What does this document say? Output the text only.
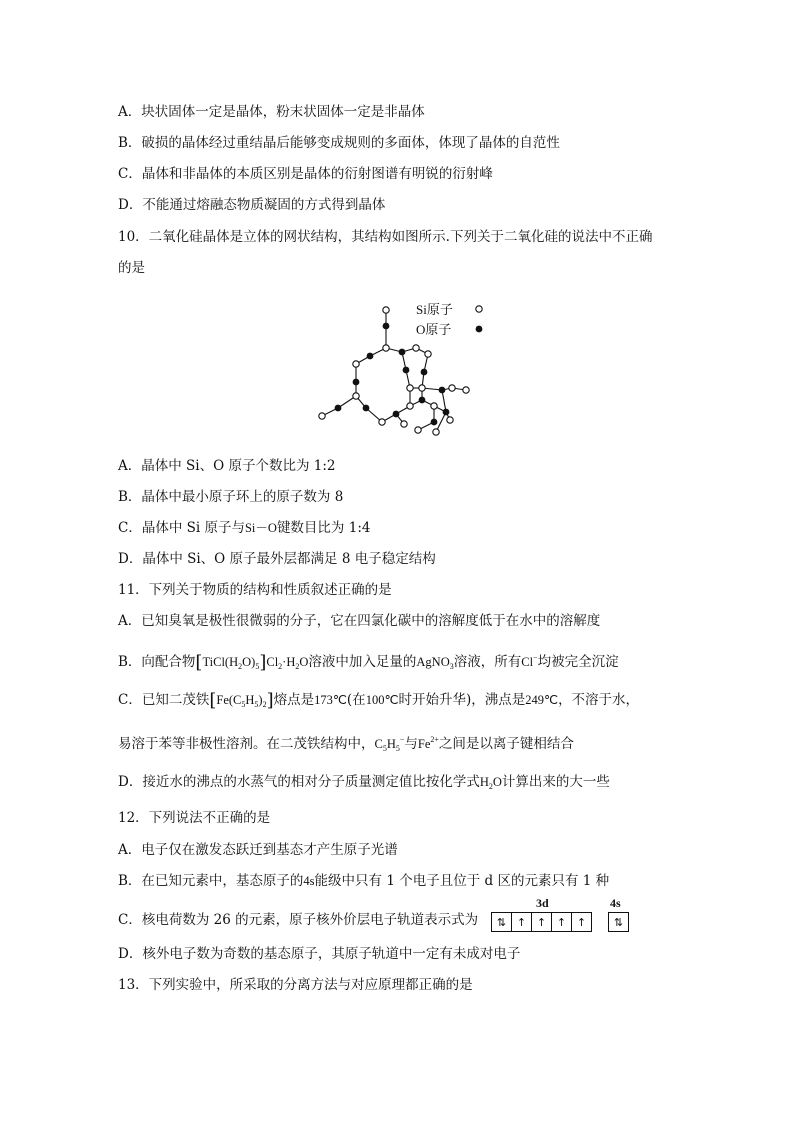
A．块状固体一定是晶体，粉末状固体一定是非晶体
B．破损的晶体经过重结晶后能够变成规则的多面体，体现了晶体的自范性
C．晶体和非晶体的本质区别是晶体的衍射图谱有明锐的衍射峰
D．不能通过熔融态物质凝固的方式得到晶体
10．二氧化硅晶体是立体的网状结构，其结构如图所示.下列关于二氧化硅的说法中不正确
的是
Si原子
O原子
A．晶体中 Si、O 原子个数比为 1:2
B．晶体中最小原子环上的原子数为 8
C．晶体中 Si 原子与Si－O键数目比为 1:4
D．晶体中 Si、O 原子最外层都满足 8 电子稳定结构
11．下列关于物质的结构和性质叙述正确的是
A．已知臭氧是极性很微弱的分子，它在四氯化碳中的溶解度低于在水中的溶解度
B．向配合物$[TiCl(H_2O)_5]Cl_2\cdot H_2O$溶液中加入足量的AgNO$_3$溶液，所有Cl−均被完全沉淀
C．已知二茂铁$[Fe(C_5H_5)_2]$熔点是173℃(在100℃时开始升华)，沸点是249℃，不溶于水，
易溶于苯等非极性溶剂。在二茂铁结构中，$C_5H_5^-$与$Fe^{2+}$之间是以离子键相结合
D．接近水的沸点的水蒸气的相对分子质量测定值比按化学式$H_2O$计算出来的大一些
12．下列说法不正确的是
A．电子仅在激发态跃迁到基态才产生原子光谱
B．在已知元素中，基态原子的4s能级中只有 1 个电子且位于 d 区的元素只有 1 种
C．核电荷数为 26 的元素，原子核外价层电子轨道表示式为
3d	4s
⇅ ↑ ↑ ↑ ↑	⇅
D．核外电子数为奇数的基态原子，其原子轨道中一定有未成对电子
13．下列实验中，所采取的分离方法与对应原理都正确的是
